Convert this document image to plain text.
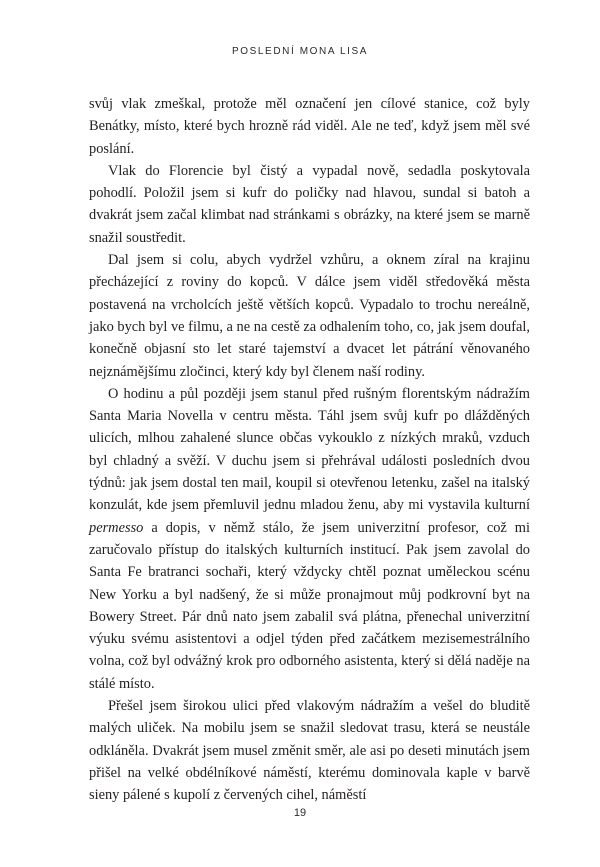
POSLEDNÍ MONA LISA

svůj vlak zmeškal, protože měl označení jen cílové stanice, což byly Benátky, místo, které bych hrozně rád viděl. Ale ne teď, když jsem měl své poslání.

Vlak do Florencie byl čistý a vypadal nově, sedadla poskytovala pohodlí. Položil jsem si kufr do poličky nad hlavou, sundal si batoh a dvakrát jsem začal klimbat nad stránkami s obrázky, na které jsem se marně snažil soustředit.

Dal jsem si colu, abych vydržel vzhůru, a oknem zíral na krajinu přecházející z roviny do kopců. V dálce jsem viděl středověká města postavená na vrcholcích ještě větších kopců. Vypadalo to trochu nereálně, jako bych byl ve filmu, a ne na cestě za odhalením toho, co, jak jsem doufal, konečně objasní sto let staré tajemství a dvacet let pátrání věnovaného nejznámějšímu zločinci, který kdy byl členem naší rodiny.

O hodinu a půl později jsem stanul před rušným florentským nádražím Santa Maria Novella v centru města. Táhl jsem svůj kufr po dlážděných ulicích, mlhou zahalené slunce občas vykouklo z nízkých mraků, vzduch byl chladný a svěží. V duchu jsem si přehrával události posledních dvou týdnů: jak jsem dostal ten mail, koupil si otevřenou letenku, zašel na italský konzulát, kde jsem přemluvil jednu mladou ženu, aby mi vystavila kulturní permesso a dopis, v němž stálo, že jsem univerzitní profesor, což mi zaručovalo přístup do italských kulturních institucí. Pak jsem zavolal do Santa Fe bratranci sochaři, který vždycky chtěl poznat uměleckou scénu New Yorku a byl nadšený, že si může pronajmout můj podkrovní byt na Bowery Street. Pár dnů nato jsem zabalil svá plátna, přenechal univerzitní výuku svému asistentovi a odjel týden před začátkem mezisemestrálního volna, což byl odvážný krok pro odborného asistenta, který si dělá naděje na stálé místo.

Přešel jsem širokou ulici před vlakovým nádražím a vešel do bluditě malých uliček. Na mobilu jsem se snažil sledovat trasu, která se neustále odkláněla. Dvakrát jsem musel změnit směr, ale asi po deseti minutách jsem přišel na velké obdélníkové náměstí, kterému dominovala kaple v barvě sieny pálené s kupolí z červených cihel, náměstí

19
